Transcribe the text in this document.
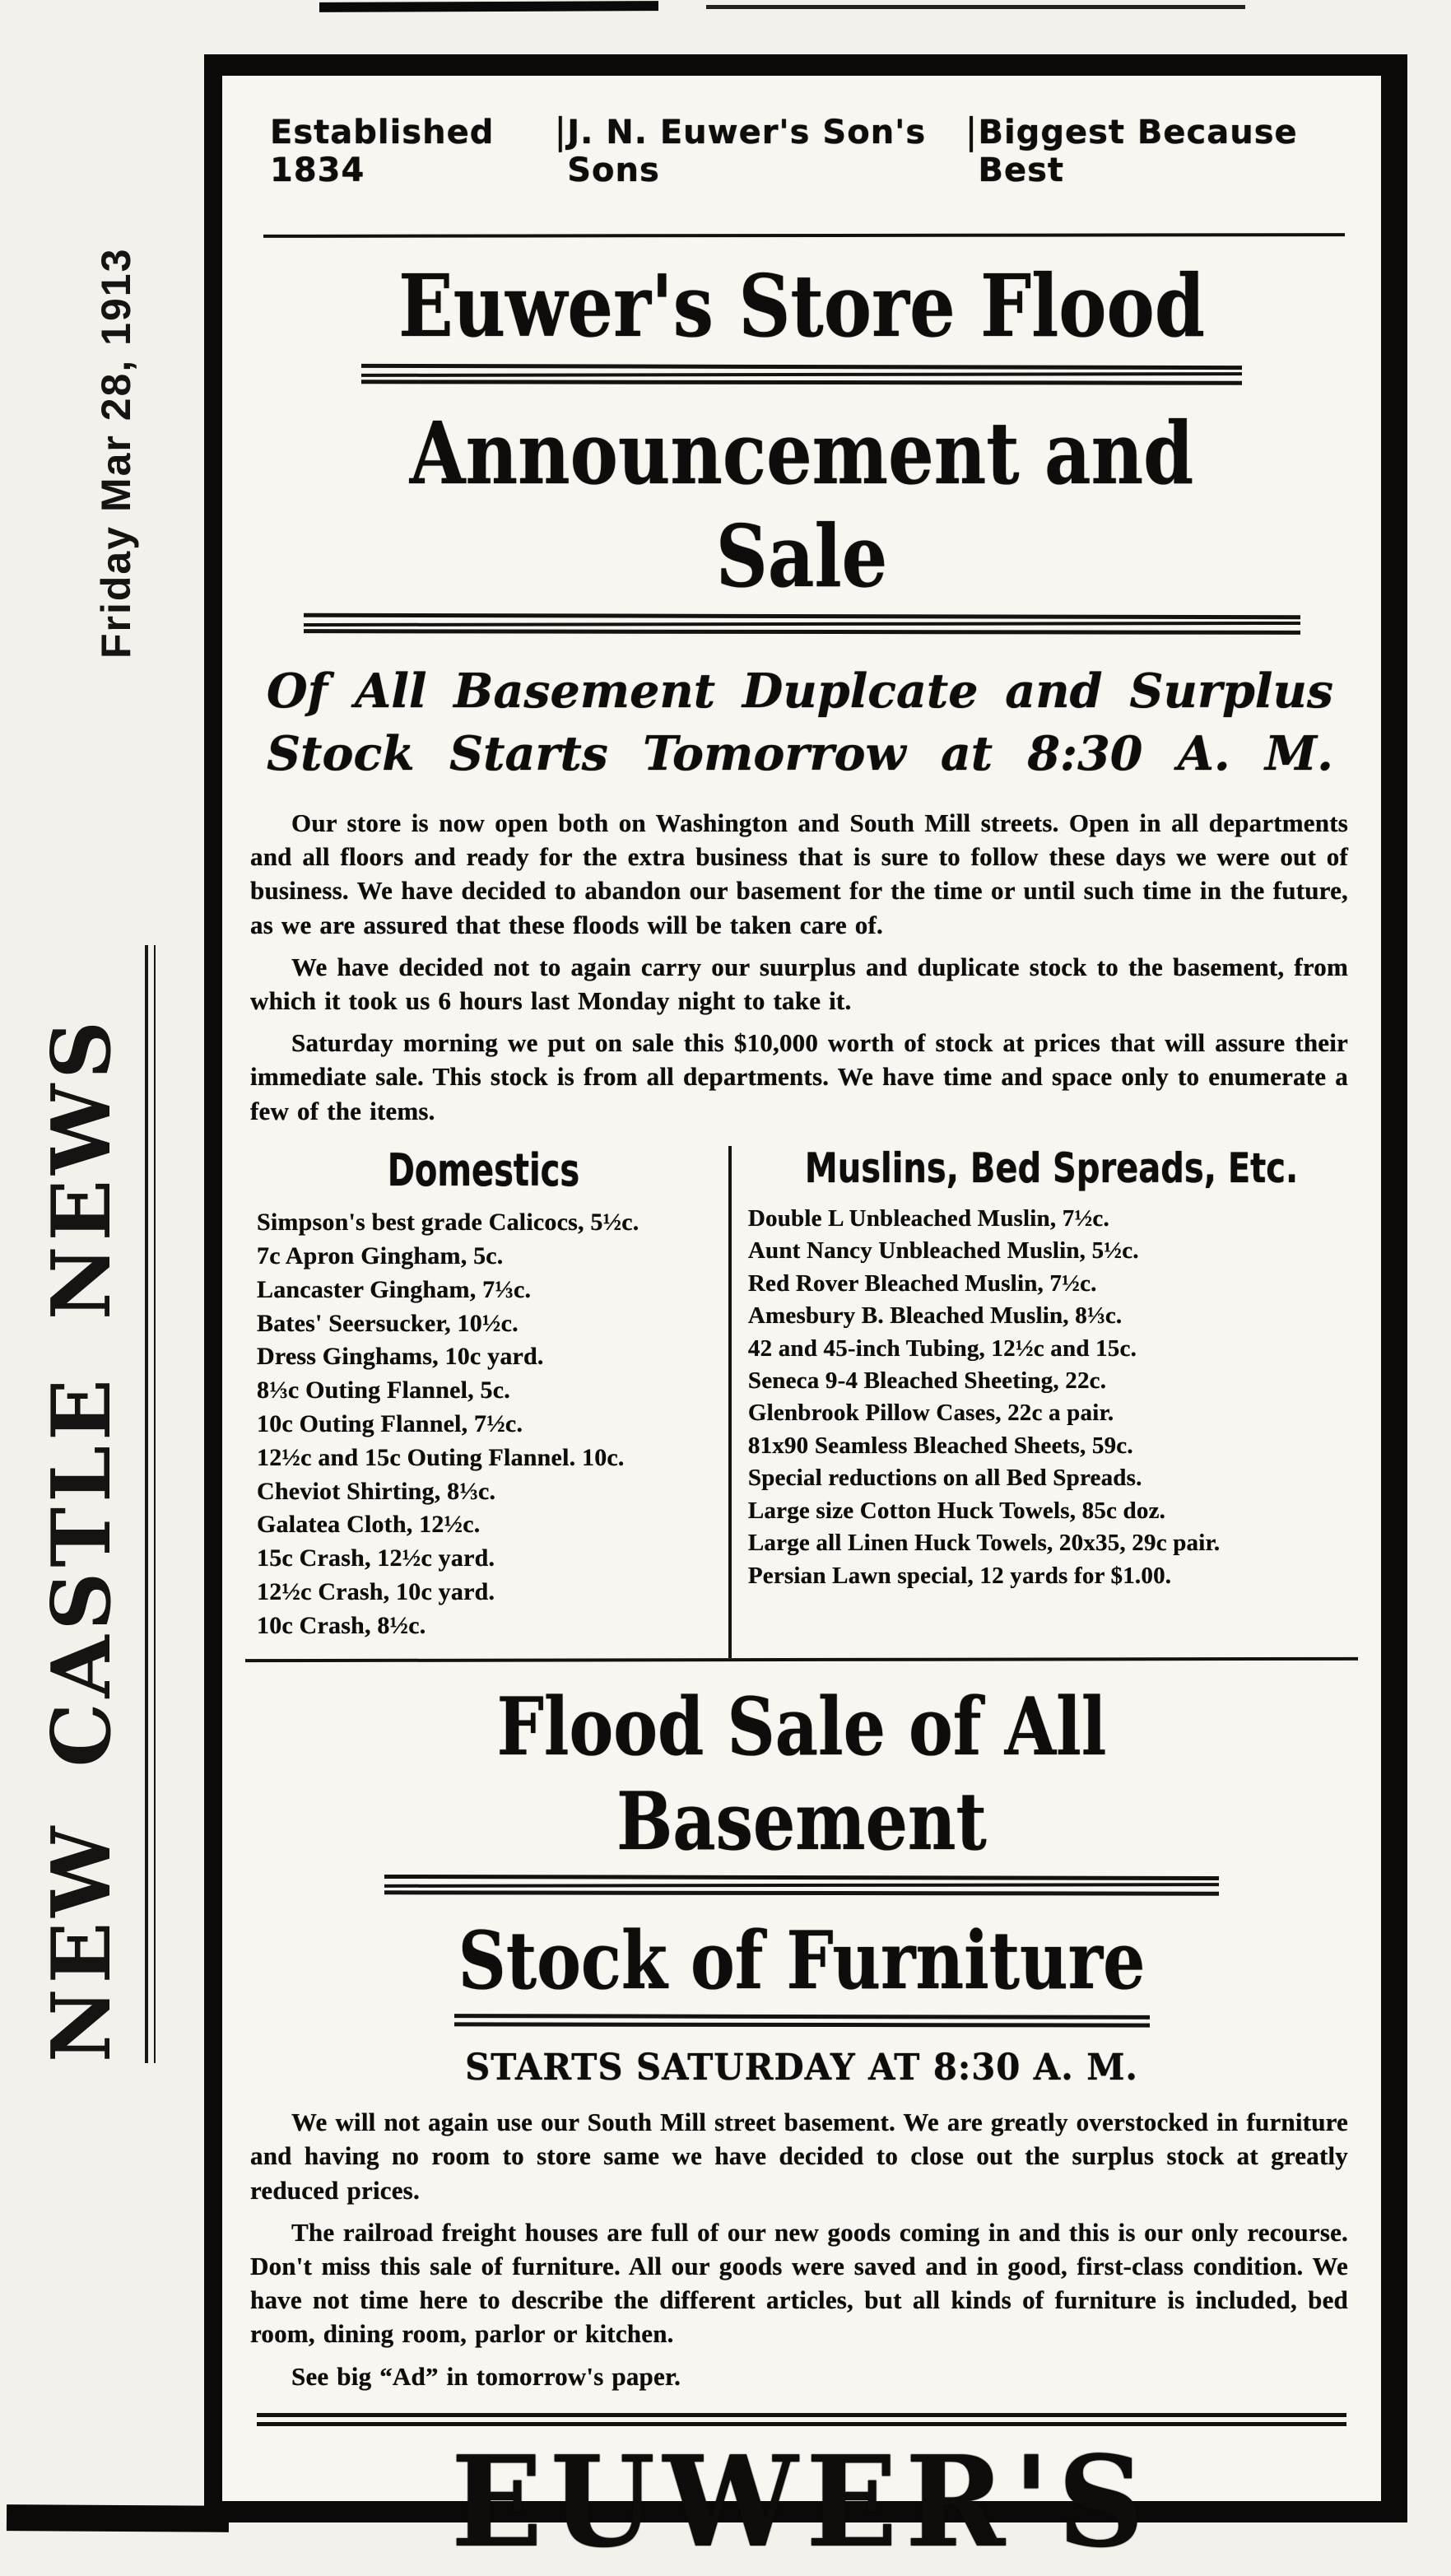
Friday Mar 28, 1913
NEW CASTLE NEWS
Established 1834
| J. N. Euwer's Son's Sons
| Biggest Because Best
Euwer's Store Flood
Announcement and Sale
Of All Basement Duplcate and Surplus
Stock Starts Tomorrow at 8:30 A. M.

Our store is now open both on Washington and South Mill streets. Open in all departments and all floors and ready for the extra business that is sure to follow these days we were out of business. We have decided to abandon our basement for the time or until such time in the future, as we are assured that these floods will be taken care of.

We have decided not to again carry our suurplus and duplicate stock to the basement, from which it took us 6 hours last Monday night to take it.

Saturday morning we put on sale this $10,000 worth of stock at prices that will assure their immediate sale. This stock is from all departments. We have time and space only to enumerate a few of the items.

Domestics
Simpson's best grade Calicocs, 5½c.
7c Apron Gingham, 5c.
Lancaster Gingham, 7⅓c.
Bates' Seersucker, 10½c.
Dress Ginghams, 10c yard.
8⅓c Outing Flannel, 5c.
10c Outing Flannel, 7½c.
12½c and 15c Outing Flannel. 10c.
Cheviot Shirting, 8⅓c.
Galatea Cloth, 12½c.
15c Crash, 12½c yard.
12½c Crash, 10c yard.
10c Crash, 8½c.
Muslins, Bed Spreads, Etc.
Double L Unbleached Muslin, 7½c.
Aunt Nancy Unbleached Muslin, 5½c.
Red Rover Bleached Muslin, 7½c.
Amesbury B. Bleached Muslin, 8⅓c.
42 and 45-inch Tubing, 12½c and 15c.
Seneca 9-4 Bleached Sheeting, 22c.
Glenbrook Pillow Cases, 22c a pair.
81x90 Seamless Bleached Sheets, 59c.
Special reductions on all Bed Spreads.
Large size Cotton Huck Towels, 85c doz.
Large all Linen Huck Towels, 20x35, 29c pair.
Persian Lawn special, 12 yards for $1.00.
Flood Sale of All Basement
Stock of Furniture
STARTS SATURDAY AT 8:30 A. M.

We will not again use our South Mill street basement. We are greatly overstocked in furniture and having no room to store same we have decided to close out the surplus stock at greatly reduced prices.

The railroad freight houses are full of our new goods coming in and this is our only recourse. Don't miss this sale of furniture. All our goods were saved and in good, first-class condition. We have not time here to describe the different articles, but all kinds of furniture is included, bed room, dining room, parlor or kitchen.

See big “Ad” in tomorrow's paper.

EUWER'S
